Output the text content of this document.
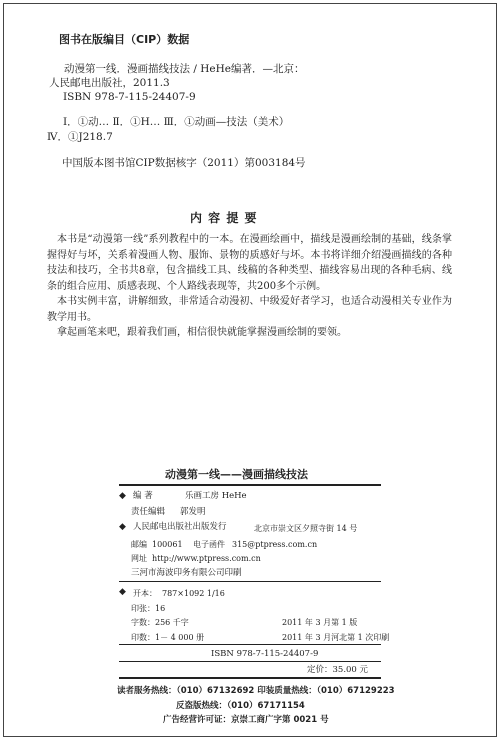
图书在版编目（CIP）数据
动漫第一线．漫画描线技法 / HeHe编著．—北京：
人民邮电出版社，2011.3
ISBN 978-7-115-24407-9
Ⅰ．①动… Ⅱ．①H… Ⅲ．①动画—技法（美术）
Ⅳ．①J218.7
中国版本图书馆CIP数据核字（2011）第003184号
内 容 提 要
本书是“动漫第一线”系列教程中的一本。在漫画绘画中，描线是漫画绘制的基础，线条掌握得好与坏，关系着漫画人物、服饰、景物的质感好与坏。本书将详细介绍漫画描线的各种技法和技巧，全书共8章，包含描线工具、线稿的各种类型、描线容易出现的各种毛病、线条的组合应用、质感表现、个人路线表现等，共200多个示例。
本书实例丰富，讲解细致，非常适合动漫初、中级爱好者学习，也适合动漫相关专业作为教学用书。
拿起画笔来吧，跟着我们画，相信很快就能掌握漫画绘制的要领。
动漫第一线——漫画描线技法
◆ 编 著	乐画工房 HeHe
责任编辑 郭发明
◆ 人民邮电出版社出版发行	北京市崇文区夕照寺街 14 号
邮编 100061 电子函件 315@ptpress.com.cn
网址 http://www.ptpress.com.cn
三河市海波印务有限公司印刷
◆ 开本： 787×1092 1/16
印张：16
字数：256 千字	2011 年 3 月第 1 版
印数：1－ 4 000 册	2011 年 3 月河北第 1 次印刷
ISBN 978-7-115-24407-9
定价：35.00 元
读者服务热线：（010）67132692 印装质量热线：（010）67129223
反盗版热线：（010）67171154
广告经营许可证：京崇工商广字第 0021 号
